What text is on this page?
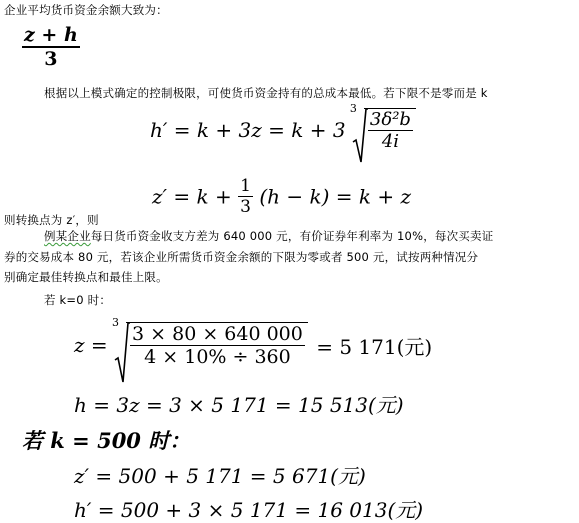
企业平均货币资金余额大致为：
$\frac{z + h}{3}$
根据以上模式确定的控制极限，可使货币资金持有的总成本最低。若下限不是零而是 k
h′ = k + 3z = k + 3
3
$\frac{\text{3δ²b}}{4i}$
$z' = k + \frac{1}{3} (h - k) = k + z$
则转换点为 z′，则
例某企业每日货币资金收支方差为 640 000 元，有价证券年利率为 10%，每次买卖证
券的交易成本 80 元，若该企业所需货币资金余额的下限为零或者 500 元，试按两种情况分
别确定最佳转换点和最佳上限。
若 k=0 时：
z =
3
$\frac{3 \times 80 \times 640 000}{4 \times 10\% \div 360} = 5$ 171(元)
h = 3z = 3 × 5 171 = 15 513(元)
若 k = 500 时：
z′ = 500 + 5 171 = 5 671(元)
h′ = 500 + 3 × 5 171 = 16 013(元)
